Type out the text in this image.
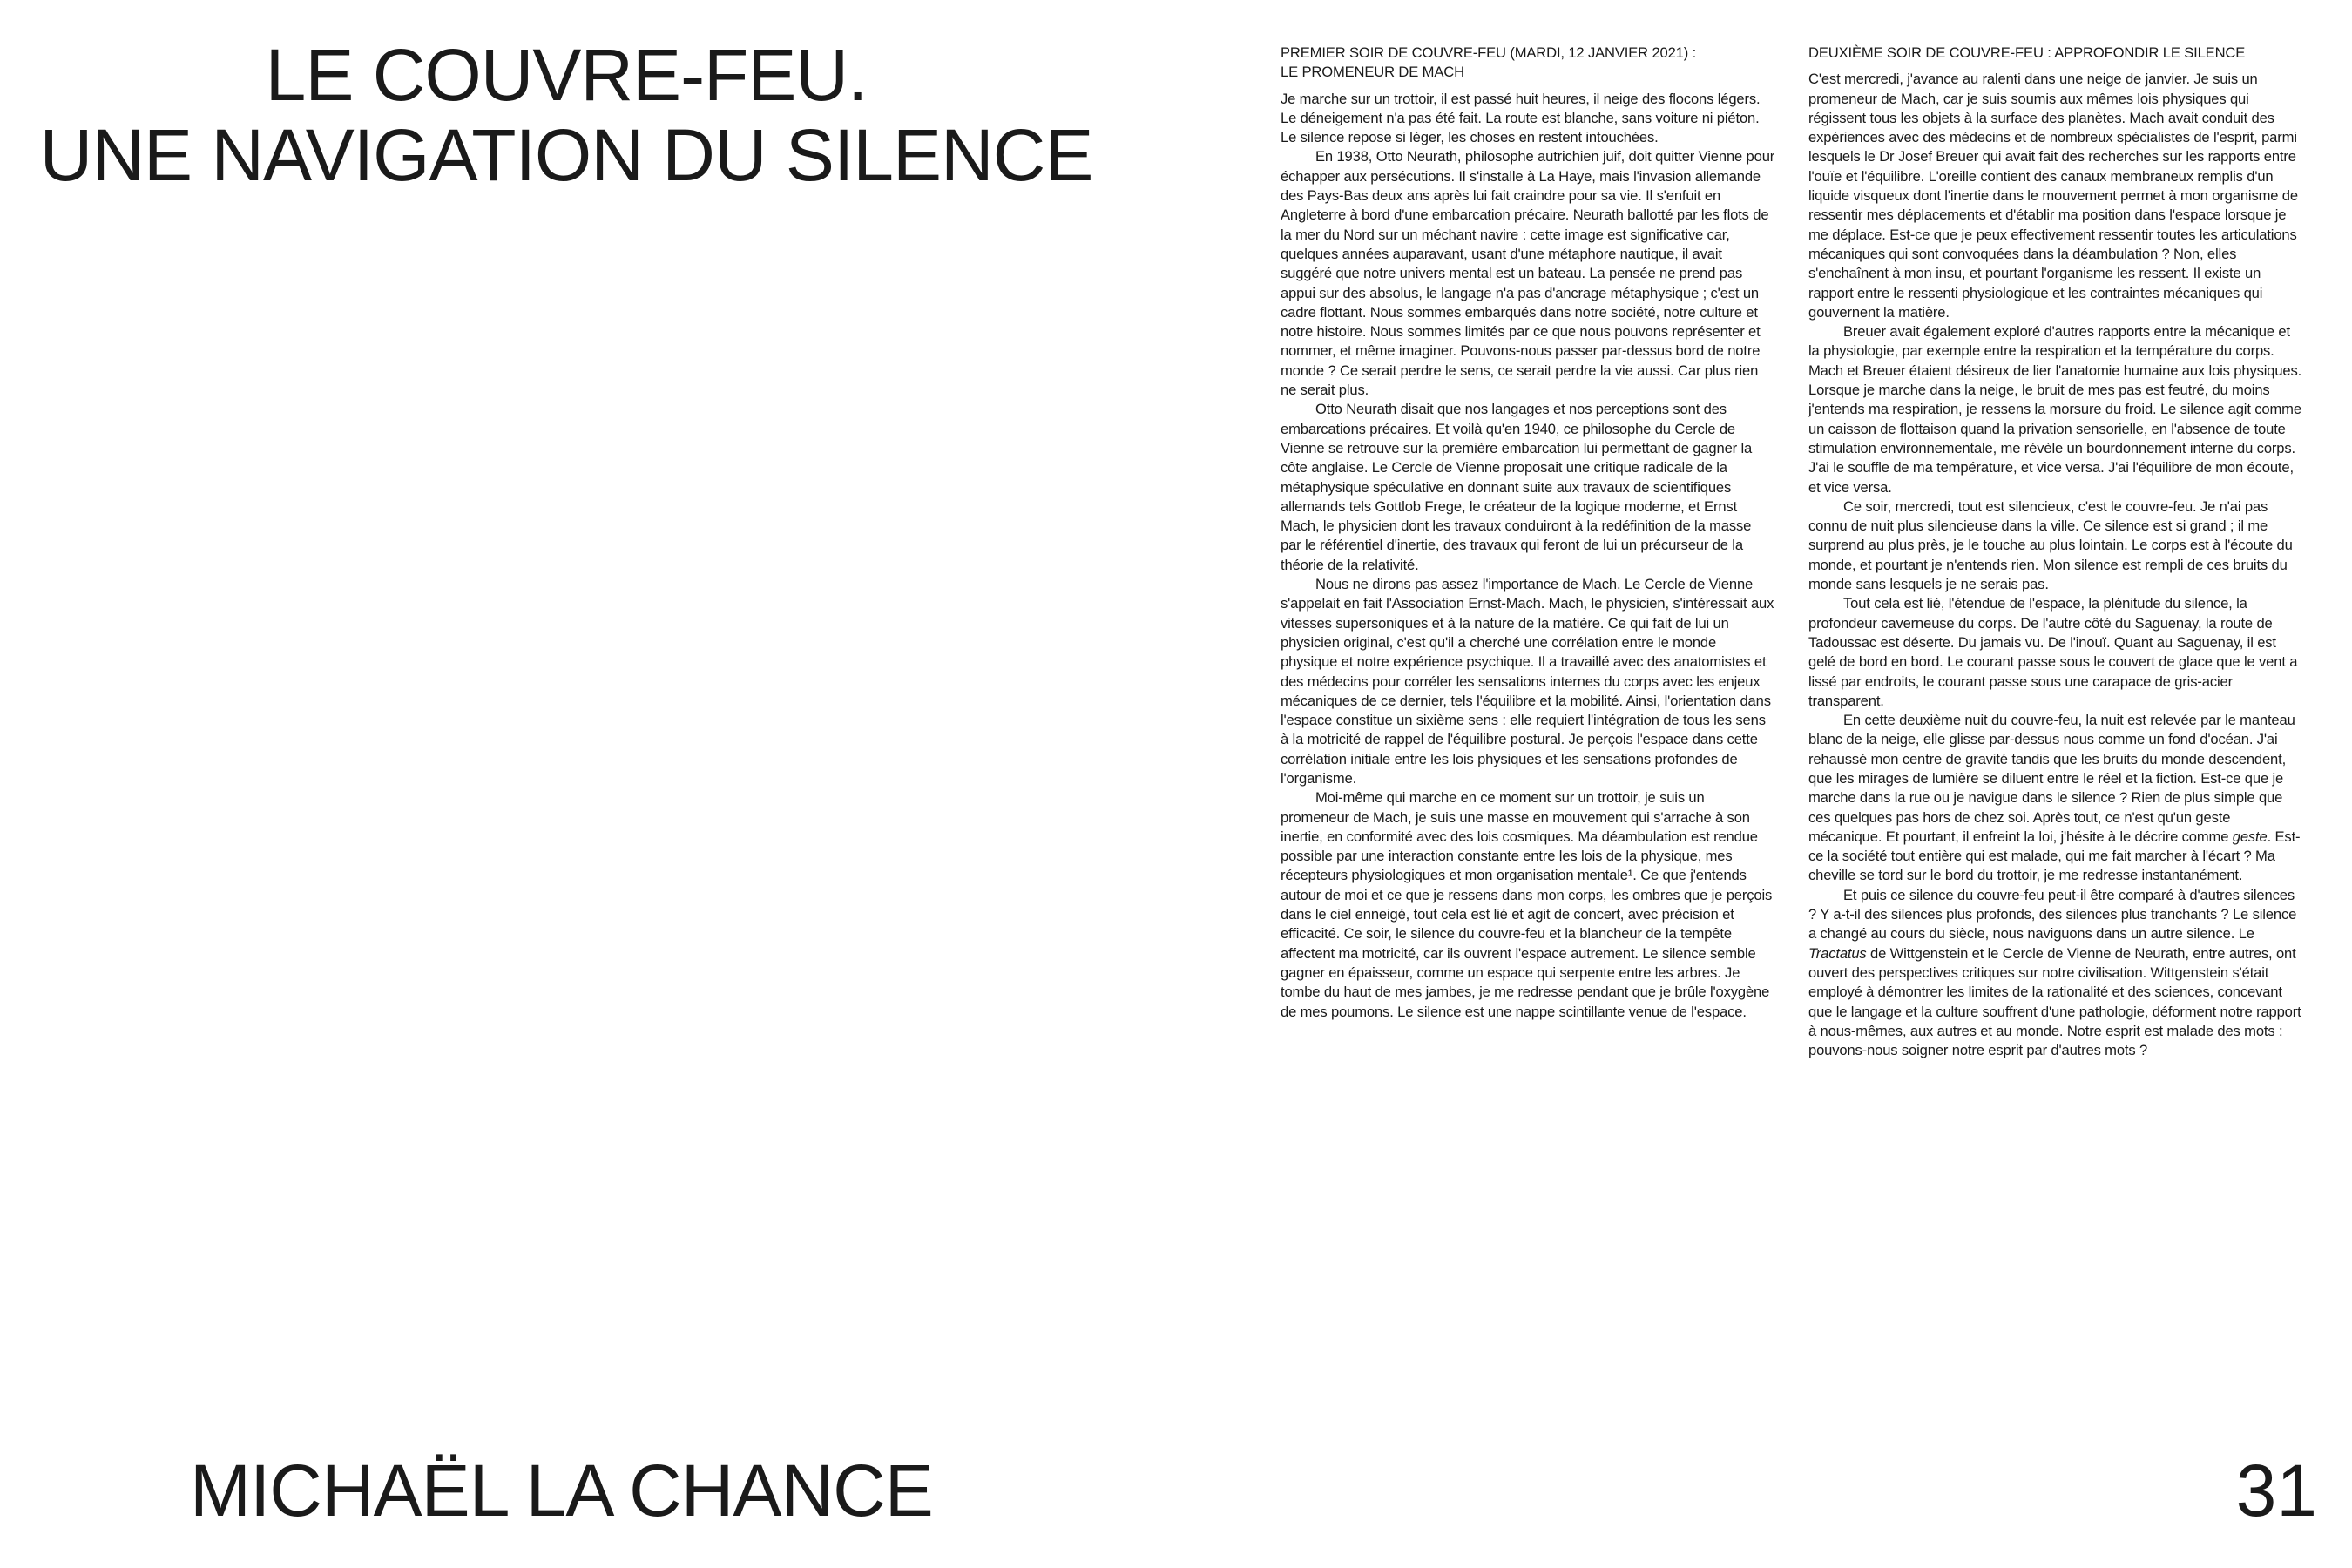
LE COUVRE-FEU.
UNE NAVIGATION DU SILENCE
PREMIER SOIR DE COUVRE-FEU (MARDI, 12 JANVIER 2021) :
LE PROMENEUR DE MACH

Je marche sur un trottoir, il est passé huit heures, il neige des flocons légers. Le déneigement n'a pas été fait. La route est blanche, sans voiture ni piéton. Le silence repose si léger, les choses en restent intouchées.

En 1938, Otto Neurath, philosophe autrichien juif, doit quitter Vienne pour échapper aux persécutions. Il s'installe à La Haye, mais l'invasion allemande des Pays-Bas deux ans après lui fait craindre pour sa vie. Il s'enfuit en Angleterre à bord d'une embarcation précaire. Neurath ballotté par les flots de la mer du Nord sur un méchant navire : cette image est significative car, quelques années auparavant, usant d'une métaphore nautique, il avait suggéré que notre univers mental est un bateau. La pensée ne prend pas appui sur des absolus, le langage n'a pas d'ancrage métaphysique ; c'est un cadre flottant. Nous sommes embarqués dans notre société, notre culture et notre histoire. Nous sommes limités par ce que nous pouvons représenter et nommer, et même imaginer. Pouvons-nous passer par-dessus bord de notre monde ? Ce serait perdre le sens, ce serait perdre la vie aussi. Car plus rien ne serait plus.

Otto Neurath disait que nos langages et nos perceptions sont des embarcations précaires. Et voilà qu'en 1940, ce philosophe du Cercle de Vienne se retrouve sur la première embarcation lui permettant de gagner la côte anglaise. Le Cercle de Vienne proposait une critique radicale de la métaphysique spéculative en donnant suite aux travaux de scientifiques allemands tels Gottlob Frege, le créateur de la logique moderne, et Ernst Mach, le physicien dont les travaux conduiront à la redéfinition de la masse par le référentiel d'inertie, des travaux qui feront de lui un précurseur de la théorie de la relativité.

Nous ne dirons pas assez l'importance de Mach. Le Cercle de Vienne s'appelait en fait l'Association Ernst-Mach. Mach, le physicien, s'intéressait aux vitesses supersoniques et à la nature de la matière. Ce qui fait de lui un physicien original, c'est qu'il a cherché une corrélation entre le monde physique et notre expérience psychique. Il a travaillé avec des anatomistes et des médecins pour corréler les sensations internes du corps avec les enjeux mécaniques de ce dernier, tels l'équilibre et la mobilité. Ainsi, l'orientation dans l'espace constitue un sixième sens : elle requiert l'intégration de tous les sens à la motricité de rappel de l'équilibre postural. Je perçois l'espace dans cette corrélation initiale entre les lois physiques et les sensations profondes de l'organisme.

Moi-même qui marche en ce moment sur un trottoir, je suis un promeneur de Mach, je suis une masse en mouvement qui s'arrache à son inertie, en conformité avec des lois cosmiques. Ma déambulation est rendue possible par une interaction constante entre les lois de la physique, mes récepteurs physiologiques et mon organisation mentale¹. Ce que j'entends autour de moi et ce que je ressens dans mon corps, les ombres que je perçois dans le ciel enneigé, tout cela est lié et agit de concert, avec précision et efficacité. Ce soir, le silence du couvre-feu et la blancheur de la tempête affectent ma motricité, car ils ouvrent l'espace autrement. Le silence semble gagner en épaisseur, comme un espace qui serpente entre les arbres. Je tombe du haut de mes jambes, je me redresse pendant que je brûle l'oxygène de mes poumons. Le silence est une nappe scintillante venue de l'espace.

DEUXIÈME SOIR DE COUVRE-FEU : APPROFONDIR LE SILENCE

C'est mercredi, j'avance au ralenti dans une neige de janvier. Je suis un promeneur de Mach, car je suis soumis aux mêmes lois physiques qui régissent tous les objets à la surface des planètes. Mach avait conduit des expériences avec des médecins et de nombreux spécialistes de l'esprit, parmi lesquels le Dr Josef Breuer qui avait fait des recherches sur les rapports entre l'ouïe et l'équilibre. L'oreille contient des canaux membraneux remplis d'un liquide visqueux dont l'inertie dans le mouvement permet à mon organisme de ressentir mes déplacements et d'établir ma position dans l'espace lorsque je me déplace. Est-ce que je peux effectivement ressentir toutes les articulations mécaniques qui sont convoquées dans la déambulation ? Non, elles s'enchaînent à mon insu, et pourtant l'organisme les ressent. Il existe un rapport entre le ressenti physiologique et les contraintes mécaniques qui gouvernent la matière.

Breuer avait également exploré d'autres rapports entre la mécanique et la physiologie, par exemple entre la respiration et la température du corps. Mach et Breuer étaient désireux de lier l'anatomie humaine aux lois physiques. Lorsque je marche dans la neige, le bruit de mes pas est feutré, du moins j'entends ma respiration, je ressens la morsure du froid. Le silence agit comme un caisson de flottaison quand la privation sensorielle, en l'absence de toute stimulation environnementale, me révèle un bourdonnement interne du corps. J'ai le souffle de ma température, et vice versa. J'ai l'équilibre de mon écoute, et vice versa.

Ce soir, mercredi, tout est silencieux, c'est le couvre-feu. Je n'ai pas connu de nuit plus silencieuse dans la ville. Ce silence est si grand ; il me surprend au plus près, je le touche au plus lointain. Le corps est à l'écoute du monde, et pourtant je n'entends rien. Mon silence est rempli de ces bruits du monde sans lesquels je ne serais pas.

Tout cela est lié, l'étendue de l'espace, la plénitude du silence, la profondeur caverneuse du corps. De l'autre côté du Saguenay, la route de Tadoussac est déserte. Du jamais vu. De l'inouï. Quant au Saguenay, il est gelé de bord en bord. Le courant passe sous le couvert de glace que le vent a lissé par endroits, le courant passe sous une carapace de gris-acier transparent.

En cette deuxième nuit du couvre-feu, la nuit est relevée par le manteau blanc de la neige, elle glisse par-dessus nous comme un fond d'océan. J'ai rehaussé mon centre de gravité tandis que les bruits du monde descendent, que les mirages de lumière se diluent entre le réel et la fiction. Est-ce que je marche dans la rue ou je navigue dans le silence ? Rien de plus simple que ces quelques pas hors de chez soi. Après tout, ce n'est qu'un geste mécanique. Et pourtant, il enfreint la loi, j'hésite à le décrire comme geste. Est-ce la société tout entière qui est malade, qui me fait marcher à l'écart ? Ma cheville se tord sur le bord du trottoir, je me redresse instantanément.

Et puis ce silence du couvre-feu peut-il être comparé à d'autres silences ? Y a-t-il des silences plus profonds, des silences plus tranchants ? Le silence a changé au cours du siècle, nous naviguons dans un autre silence. Le Tractatus de Wittgenstein et le Cercle de Vienne de Neurath, entre autres, ont ouvert des perspectives critiques sur notre civilisation. Wittgenstein s'était employé à démontrer les limites de la rationalité et des sciences, concevant que le langage et la culture souffrent d'une pathologie, déforment notre rapport à nous-mêmes, aux autres et au monde. Notre esprit est malade des mots : pouvons-nous soigner notre esprit par d'autres mots ?

MICHAËL LA CHANCE	31
